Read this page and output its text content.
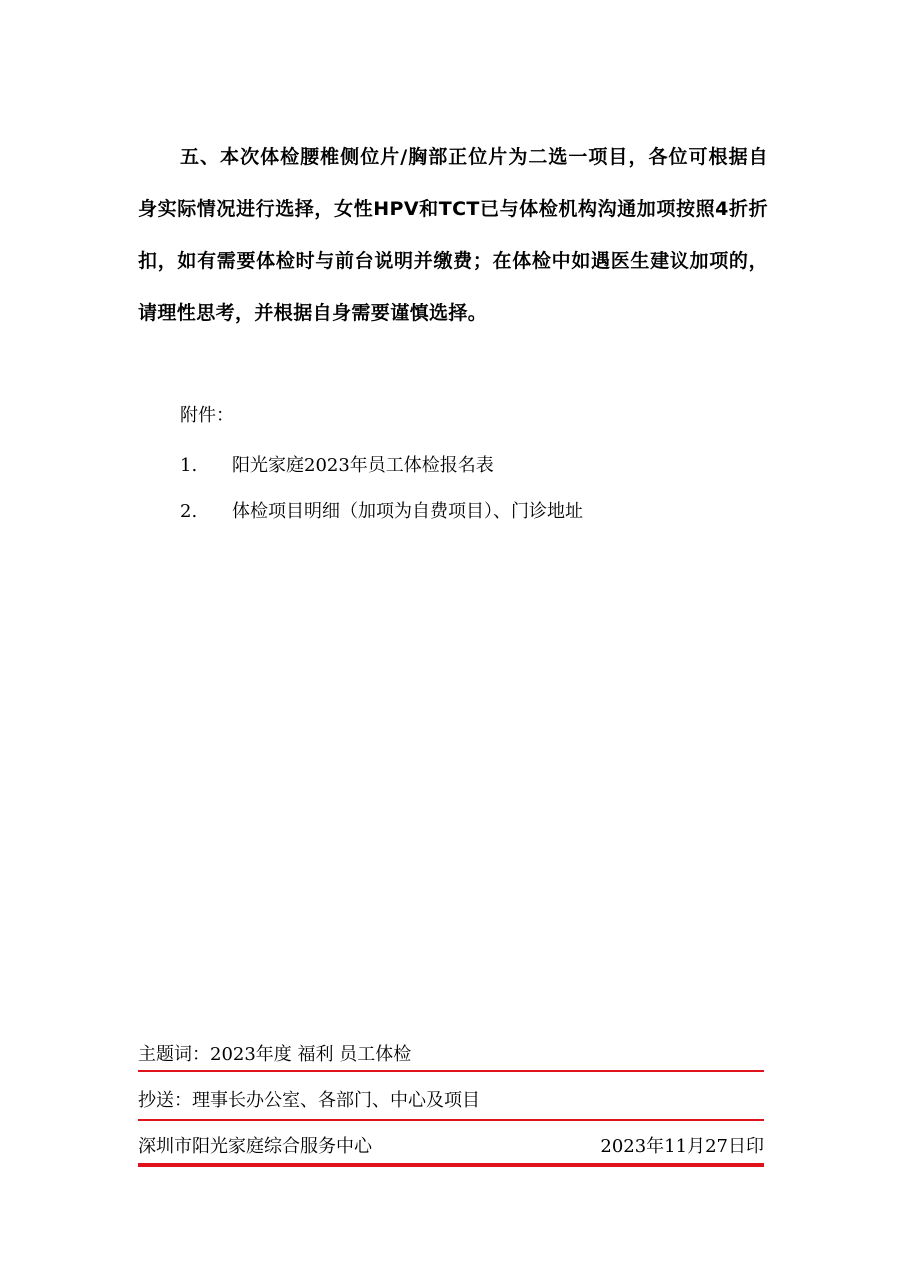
五、本次体检腰椎侧位片/胸部正位片为二选一项目，各位可根据自身实际情况进行选择，女性HPV和TCT已与体检机构沟通加项按照4折折扣，如有需要体检时与前台说明并缴费；在体检中如遇医生建议加项的，请理性思考，并根据自身需要谨慎选择。

附件：
1. 阳光家庭2023年员工体检报名表
2. 体检项目明细（加项为自费项目）、门诊地址
主题词：2023年度 福利 员工体检
抄送：理事长办公室、各部门、中心及项目
深圳市阳光家庭综合服务中心	2023年11月27日印
